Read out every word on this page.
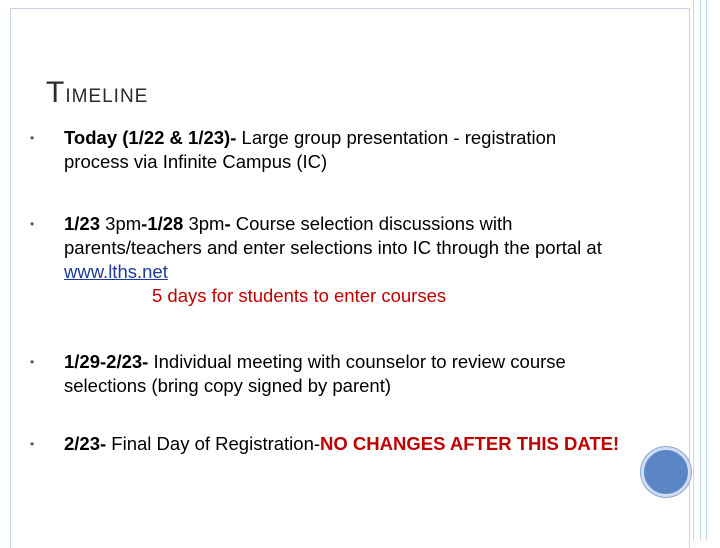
TIMELINE
• Today (1/22 & 1/23)- Large group presentation - registration process via Infinite Campus (IC)
• 1/23 3pm-1/28 3pm- Course selection discussions with parents/teachers and enter selections into IC through the portal at www.lths.net
5 days for students to enter courses
• 1/29-2/23- Individual meeting with counselor to review course selections (bring copy signed by parent)
• 2/23- Final Day of Registration-NO CHANGES AFTER THIS DATE!
